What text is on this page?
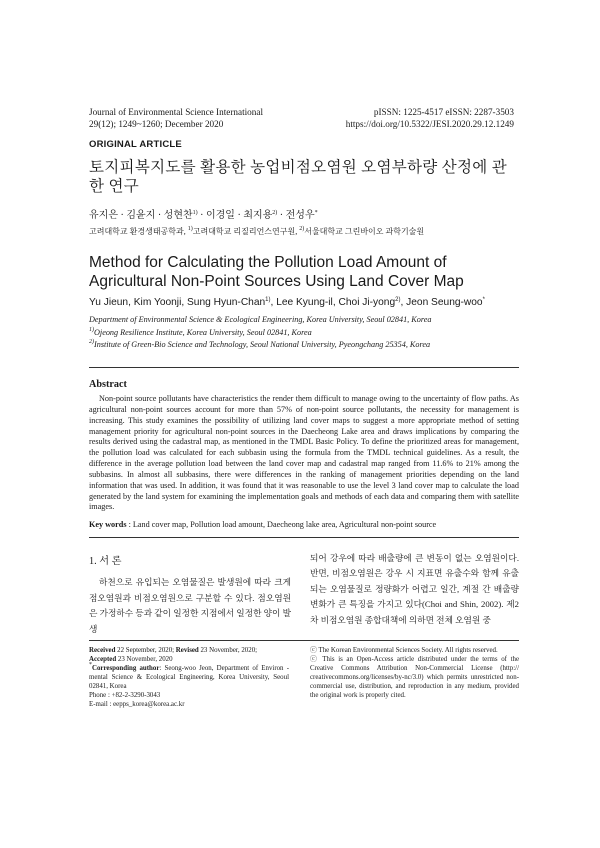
Journal of Environmental Science International
29(12); 1249~1260; December 2020
pISSN: 1225-4517 eISSN: 2287-3503
https://doi.org/10.5322/JESI.2020.29.12.1249
ORIGINAL ARTICLE
토지피복지도를 활용한 농업비점오염원 오염부하량 산정에 관한 연구
유지은 · 김윤지 · 성현찬$^{1)}$ · 이경일 · 최지용$^{2)}$ · 전성우*
고려대학교 환경생태공학과, $^{1)}$고려대학교 리질리언스연구원, $^{2)}$서울대학교 그린바이오 과학기술원
Method for Calculating the Pollution Load Amount of Agricultural Non-Point Sources Using Land Cover Map
Yu Jieun, Kim Yoonji, Sung Hyun-Chan$^{1)}$, Lee Kyung-il, Choi Ji-yong$^{2)}$, Jeon Seung-woo*
Department of Environmental Science & Ecological Engineering, Korea University, Seoul 02841, Korea
$^{1)}$Ojeong Resilience Institute, Korea University, Seoul 02841, Korea
$^{2)}$Institute of Green-Bio Science and Technology, Seoul National University, Pyeongchang 25354, Korea
Abstract
Non-point source pollutants have characteristics the render them difficult to manage owing to the uncertainty of flow paths. As agricultural non-point sources account for more than 57% of non-point source pollutants, the necessity for management is increasing. This study examines the possibility of utilizing land cover maps to suggest a more appropriate method of setting management priority for agricultural non-point sources in the Daecheong Lake area and draws implications by comparing the results derived using the cadastral map, as mentioned in the TMDL Basic Policy. To define the prioritized areas for management, the pollution load was calculated for each subbasin using the formula from the TMDL technical guidelines. As a result, the difference in the average pollution load between the land cover map and cadastral map ranged from 11.6% to 21% among the subbasins. In almost all subbasins, there were differences in the ranking of management priorities depending on the land information that was used. In addition, it was found that it was reasonable to use the level 3 land cover map to calculate the load generated by the land system for examining the implementation goals and methods of each data and comparing them with satellite images.
Key words : Land cover map, Pollution load amount, Daecheong lake area, Agricultural non-point source
1. 서 론
하천으로 유입되는 오염물질은 발생원에 따라 크게 점오염원과 비점오염원으로 구분할 수 있다. 점오염원은 가정하수 등과 같이 일정한 지점에서 일정한 양이 발생
되어 강우에 따라 배출량에 큰 변동이 없는 오염원이다. 반면, 비점오염원은 강우 시 지표면 유출수와 함께 유출되는 오염물질로 정량화가 어렵고 일간, 계절 간 배출량 변화가 큰 특징을 가지고 있다(Choi and Shin, 2002). 제2차 비점오염원 종합대책에 의하면 전체 오염원 중
Received 22 September, 2020; Revised 23 November, 2020;
Accepted 23 November, 2020
*Corresponding author: Seong-woo Jeon, Department of Environ -mental Science & Ecological Engineering, Korea University, Seoul 02841, Korea
Phone : +82-2-3290-3043
E-mail : eepps_korea@korea.ac.kr
ⓒ The Korean Environmental Sciences Society. All rights reserved.
ⓒ This is an Open-Access article distributed under the terms of the Creative Commons Attribution Non-Commercial License (http:// creativecommons.org/licenses/by-nc/3.0) which permits unrestricted non-commercial use, distribution, and reproduction in any medium, provided the original work is properly cited.
